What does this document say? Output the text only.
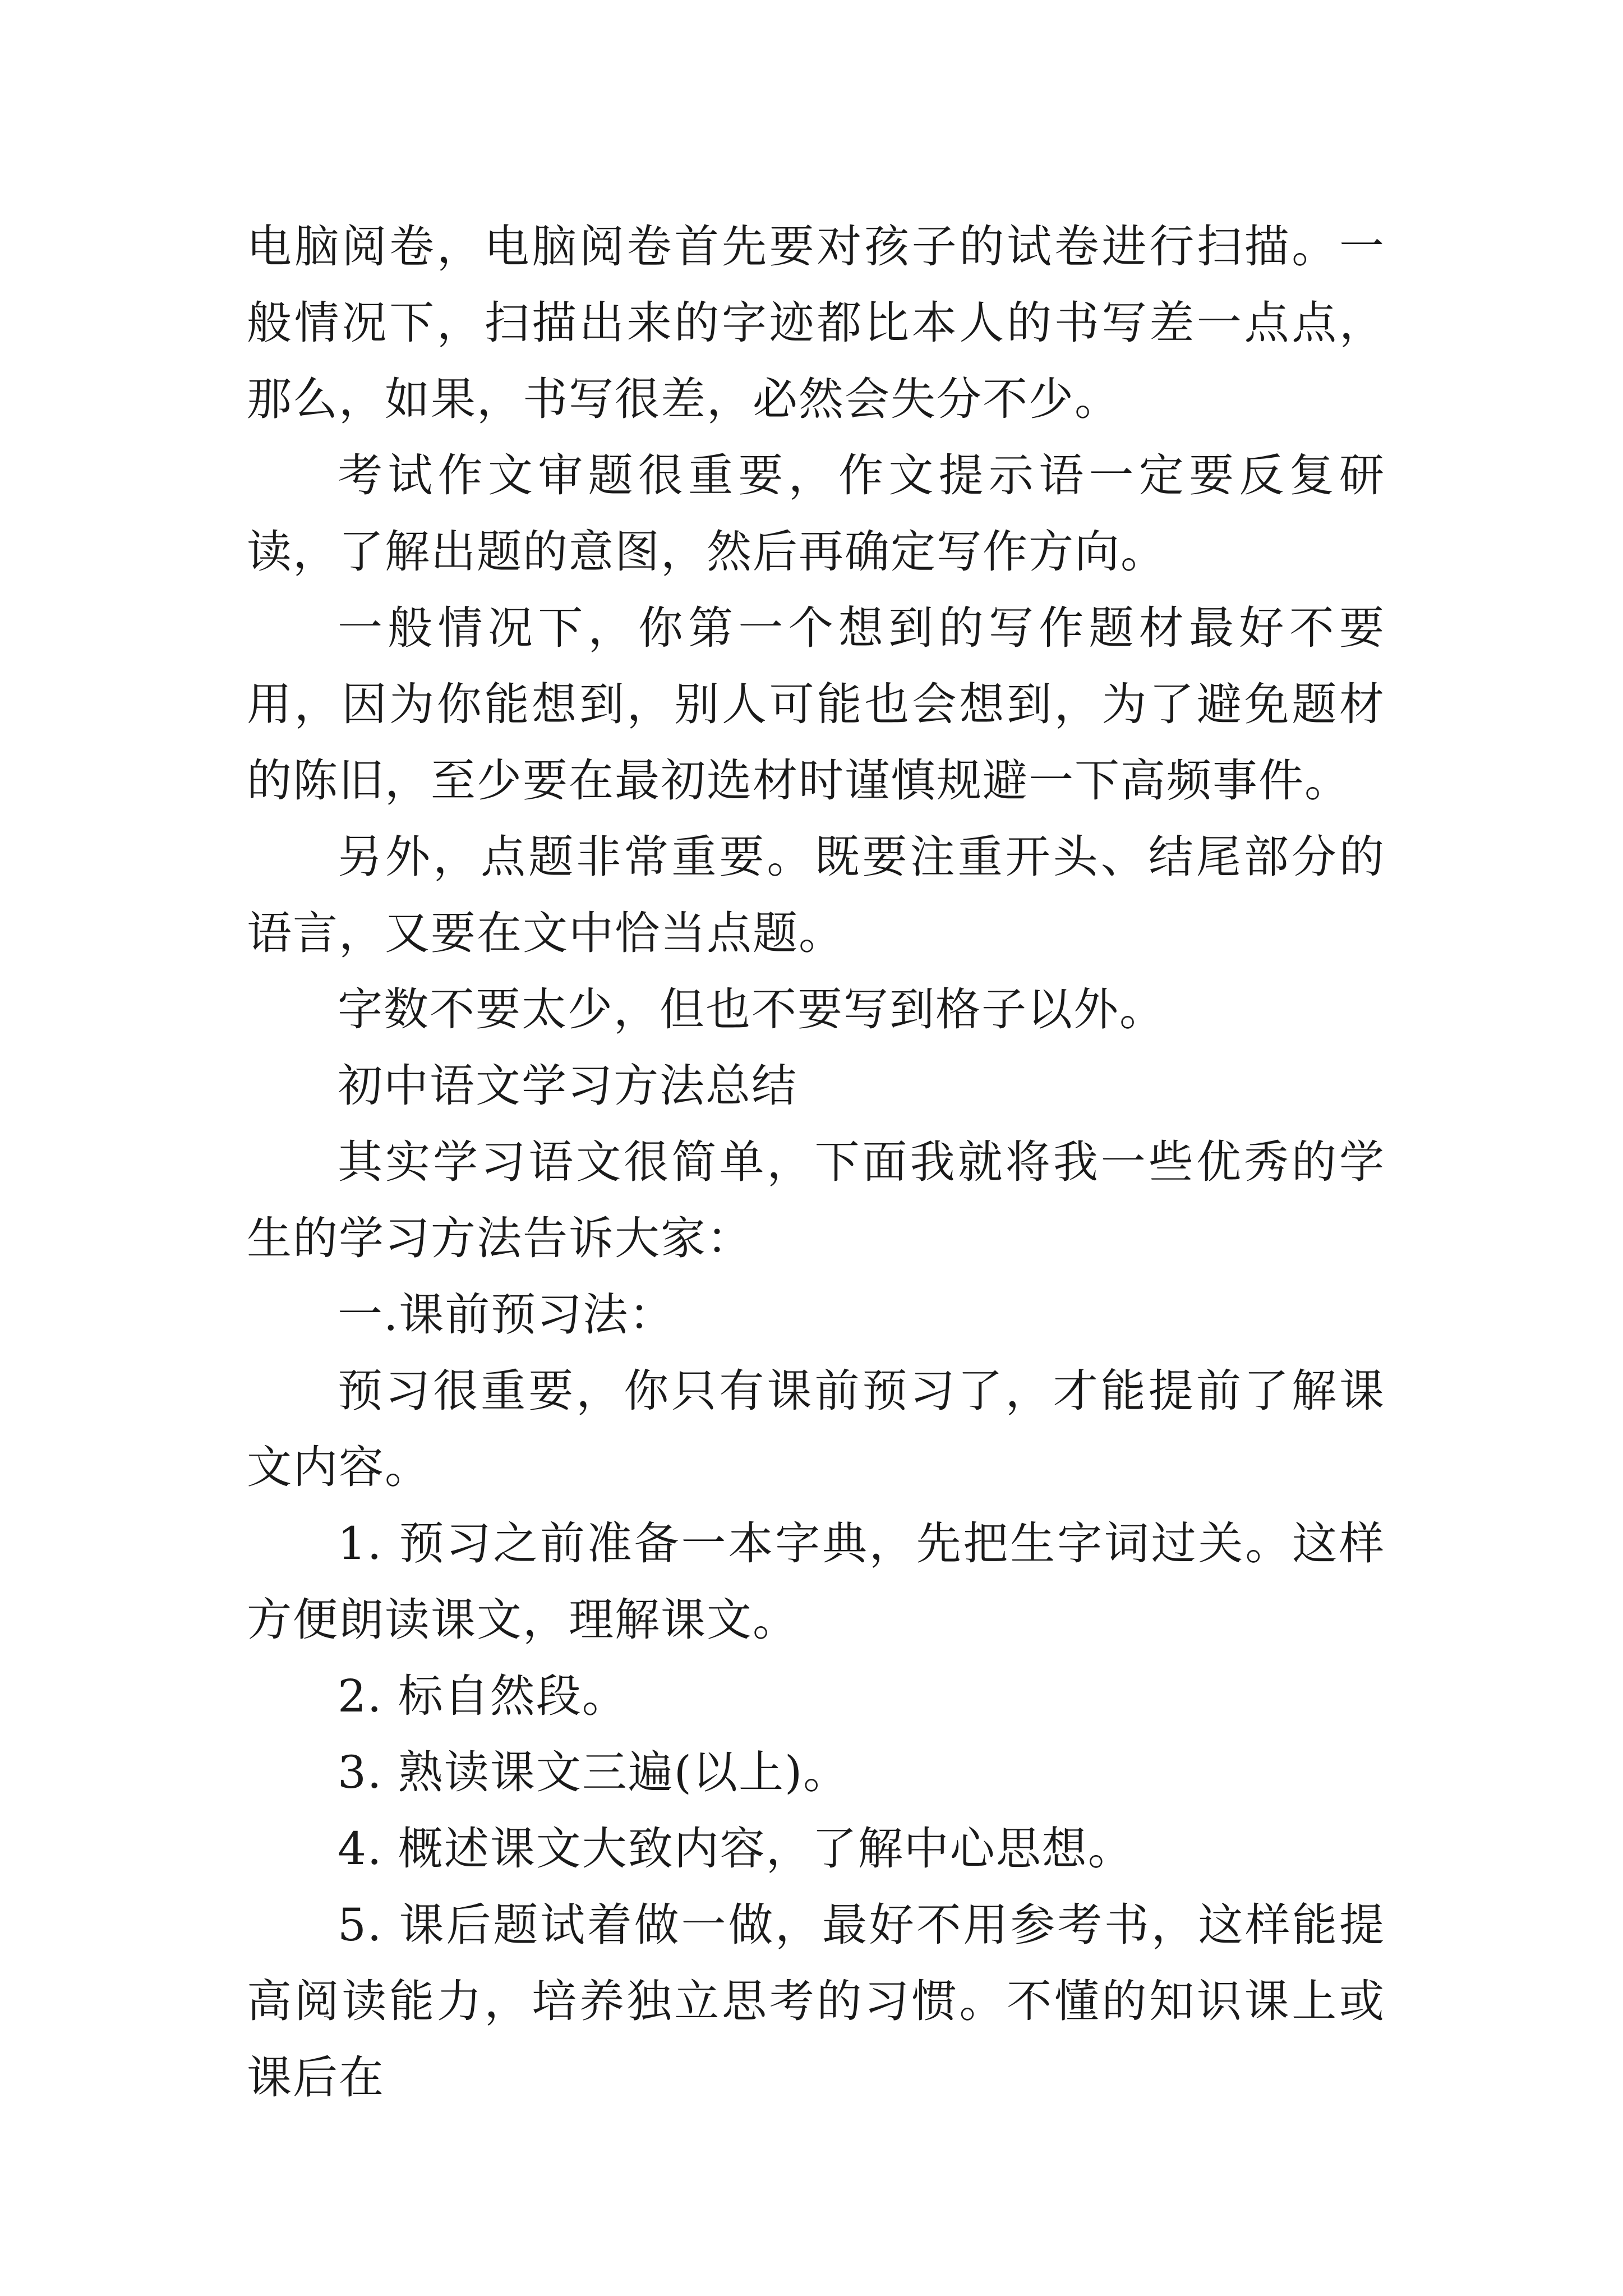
电脑阅卷，电脑阅卷首先要对孩子的试卷进行扫描。一般情况下，扫描出来的字迹都比本人的书写差一点点，那么，如果，书写很差，必然会失分不少。

考试作文审题很重要，作文提示语一定要反复研读，了解出题的意图，然后再确定写作方向。

一般情况下，你第一个想到的写作题材最好不要用，因为你能想到，别人可能也会想到，为了避免题材的陈旧，至少要在最初选材时谨慎规避一下高频事件。

另外，点题非常重要。既要注重开头、结尾部分的语言，又要在文中恰当点题。

字数不要太少，但也不要写到格子以外。

初中语文学习方法总结

其实学习语文很简单，下面我就将我一些优秀的学生的学习方法告诉大家：

一.课前预习法：

预习很重要，你只有课前预习了，才能提前了解课文内容。

1. 预习之前准备一本字典，先把生字词过关。这样方便朗读课文，理解课文。

2. 标自然段。

3. 熟读课文三遍(以上)。

4. 概述课文大致内容，了解中心思想。

5. 课后题试着做一做，最好不用参考书，这样能提高阅读能力，培养独立思考的习惯。不懂的知识课上或课后在
